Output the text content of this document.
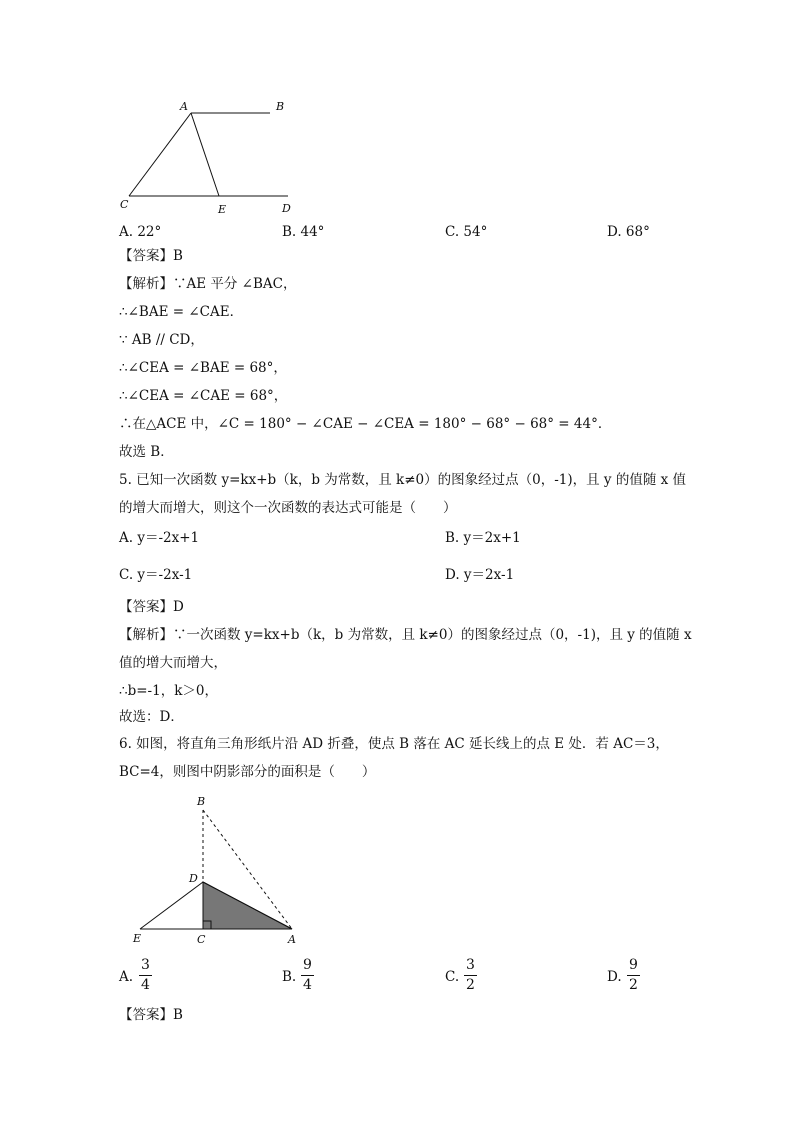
A	B
C	E	D
A. 22°	B. 44°	C. 54°	D. 68°
【答案】B
【解析】∵AE 平分 ∠BAC，
∴∠BAE = ∠CAE．
∵ AB // CD，
∴∠CEA = ∠BAE = 68°，
∴∠CEA = ∠CAE = 68°，
∴在△ACE 中，∠C = 180° − ∠CAE − ∠CEA = 180° − 68° − 68° = 44°．
故选 B．
5. 已知一次函数 y=kx+b（k，b 为常数，且 k≠0）的图象经过点（0，-1)，且 y 的值随 x 值
的增大而增大，则这个一次函数的表达式可能是（　　）
A. y＝-2x+1	B. y＝2x+1
C. y＝-2x-1	D. y＝2x-1
【答案】D
【解析】∵一次函数 y=kx+b（k，b 为常数，且 k≠0）的图象经过点（0，-1)，且 y 的值随 x
值的增大而增大，
∴b=-1，k＞0，
故选：D．
6. 如图，将直角三角形纸片沿 AD 折叠，使点 B 落在 AC 延长线上的点 E 处．若 AC＝3，
BC=4，则图中阴影部分的面积是（　　）
B
D
E	C	A
A.
3
4	B.
9
4	C.
3
2	D.
9
2
【答案】B
